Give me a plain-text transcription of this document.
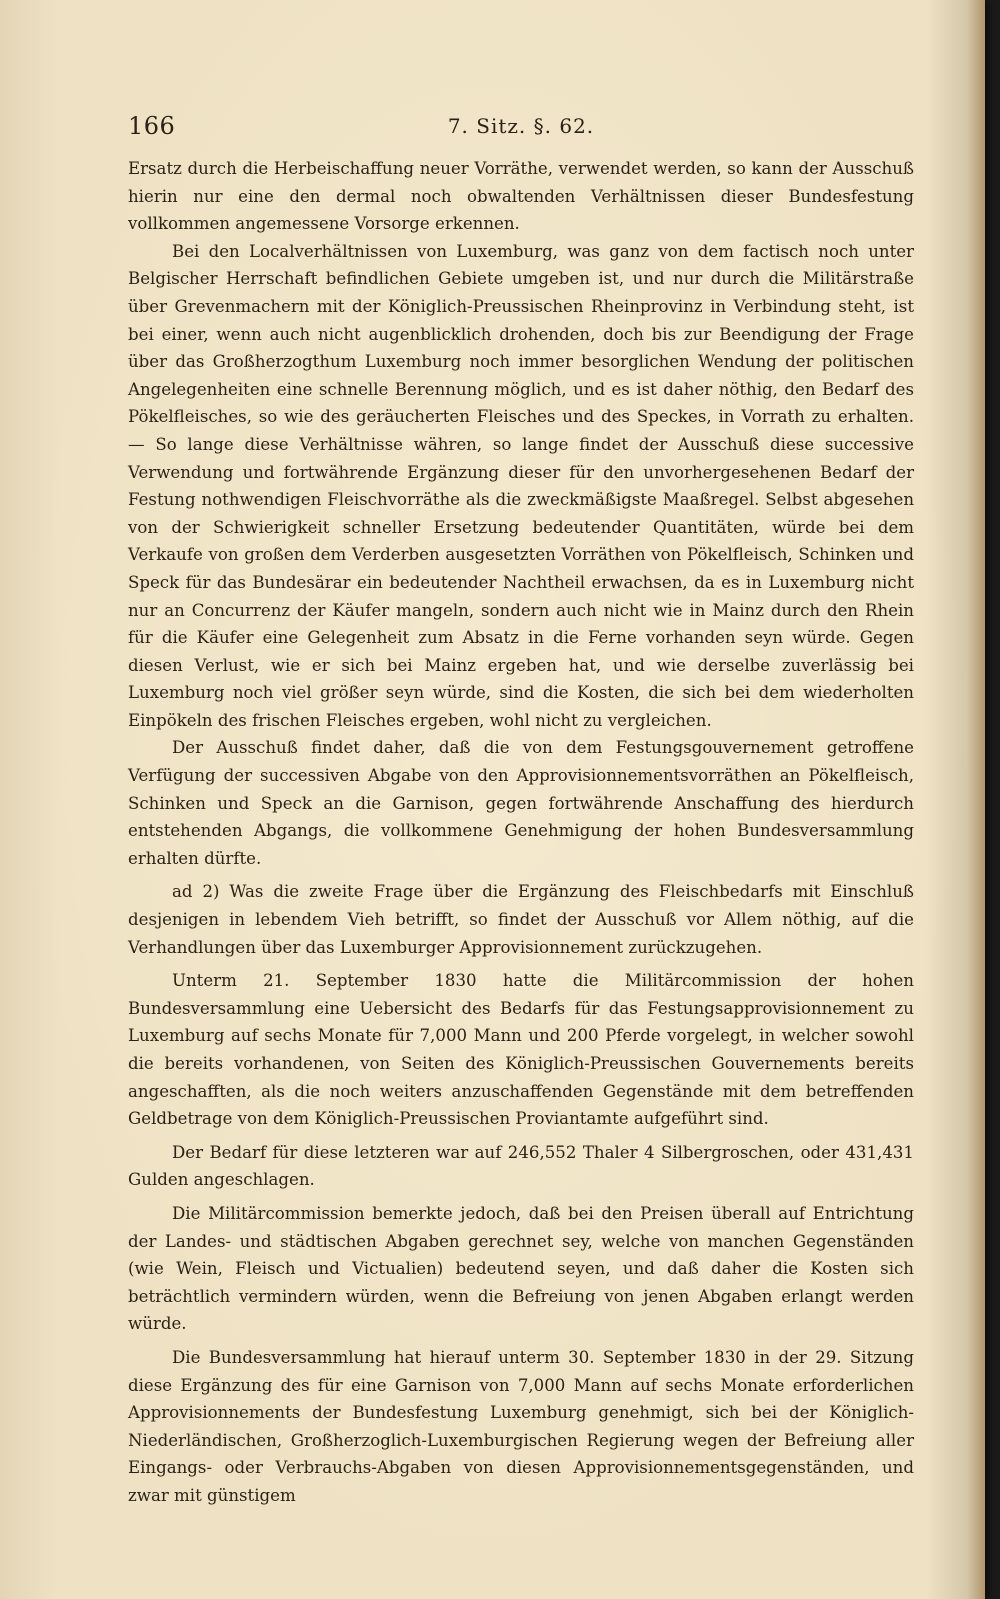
166	7. Sitz. §. 62.

Ersatz durch die Herbeischaffung neuer Vorräthe, verwendet werden, so kann der Ausschuß hierin nur eine den dermal noch obwaltenden Verhältnissen dieser Bundesfestung vollkommen angemessene Vorsorge erkennen.

Bei den Localverhältnissen von Luxemburg, was ganz von dem factisch noch unter Belgischer Herrschaft befindlichen Gebiete umgeben ist, und nur durch die Militärstraße über Grevenmachern mit der Königlich-Preussischen Rheinprovinz in Verbindung steht, ist bei einer, wenn auch nicht augenblicklich drohenden, doch bis zur Beendigung der Frage über das Großherzogthum Luxemburg noch immer besorglichen Wendung der politischen Angelegenheiten eine schnelle Berennung möglich, und es ist daher nöthig, den Bedarf des Pökelfleisches, so wie des geräucherten Fleisches und des Speckes, in Vorrath zu erhalten. — So lange diese Verhältnisse währen, so lange findet der Ausschuß diese successive Verwendung und fortwährende Ergänzung dieser für den unvorhergesehenen Bedarf der Festung nothwendigen Fleischvorräthe als die zweckmäßigste Maaßregel. Selbst abgesehen von der Schwierigkeit schneller Ersetzung bedeutender Quantitäten, würde bei dem Verkaufe von großen dem Verderben ausgesetzten Vorräthen von Pökelfleisch, Schinken und Speck für das Bundesärar ein bedeutender Nachtheil erwachsen, da es in Luxemburg nicht nur an Concurrenz der Käufer mangeln, sondern auch nicht wie in Mainz durch den Rhein für die Käufer eine Gelegenheit zum Absatz in die Ferne vorhanden seyn würde. Gegen diesen Verlust, wie er sich bei Mainz ergeben hat, und wie derselbe zuverlässig bei Luxemburg noch viel größer seyn würde, sind die Kosten, die sich bei dem wiederholten Einpökeln des frischen Fleisches ergeben, wohl nicht zu vergleichen.

Der Ausschuß findet daher, daß die von dem Festungsgouvernement getroffene Verfügung der successiven Abgabe von den Approvisionnementsvorräthen an Pökelfleisch, Schinken und Speck an die Garnison, gegen fortwährende Anschaffung des hierdurch entstehenden Abgangs, die vollkommene Genehmigung der hohen Bundesversammlung erhalten dürfte.

ad 2) Was die zweite Frage über die Ergänzung des Fleischbedarfs mit Einschluß desjenigen in lebendem Vieh betrifft, so findet der Ausschuß vor Allem nöthig, auf die Verhandlungen über das Luxemburger Approvisionnement zurückzugehen.

Unterm 21. September 1830 hatte die Militärcommission der hohen Bundesversammlung eine Uebersicht des Bedarfs für das Festungsapprovisionnement zu Luxemburg auf sechs Monate für 7,000 Mann und 200 Pferde vorgelegt, in welcher sowohl die bereits vorhandenen, von Seiten des Königlich-Preussischen Gouvernements bereits angeschafften, als die noch weiters anzuschaffenden Gegenstände mit dem betreffenden Geldbetrage von dem Königlich-Preussischen Proviantamte aufgeführt sind.

Der Bedarf für diese letzteren war auf 246,552 Thaler 4 Silbergroschen, oder 431,431 Gulden angeschlagen.

Die Militärcommission bemerkte jedoch, daß bei den Preisen überall auf Entrichtung der Landes- und städtischen Abgaben gerechnet sey, welche von manchen Gegenständen (wie Wein, Fleisch und Victualien) bedeutend seyen, und daß daher die Kosten sich beträchtlich vermindern würden, wenn die Befreiung von jenen Abgaben erlangt werden würde.

Die Bundesversammlung hat hierauf unterm 30. September 1830 in der 29. Sitzung diese Ergänzung des für eine Garnison von 7,000 Mann auf sechs Monate erforderlichen Approvisionnements der Bundesfestung Luxemburg genehmigt, sich bei der Königlich-Niederländischen, Großherzoglich-Luxemburgischen Regierung wegen der Befreiung aller Eingangs- oder Verbrauchs-Abgaben von diesen Approvisionnementsgegenständen, und zwar mit günstigem
